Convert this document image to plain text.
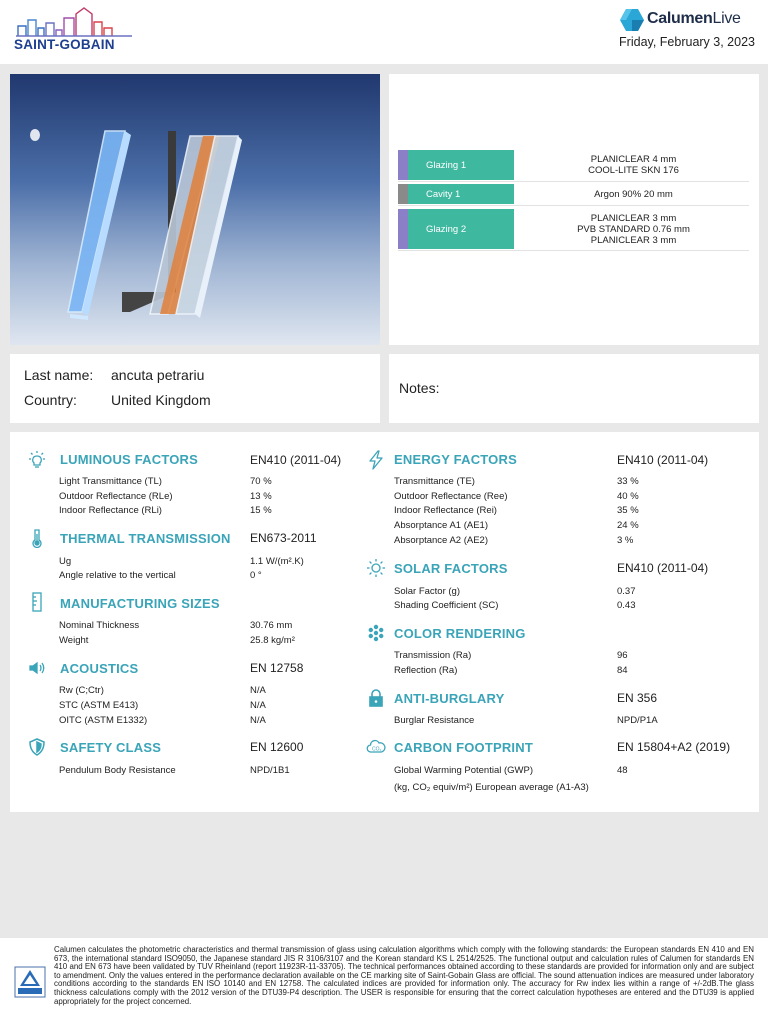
SAINT-GOBAIN
CalumenLive
Friday, February 3, 2023
Glazing 1	PLANICLEAR 4 mm
COOL-LITE SKN 176
Cavity 1	Argon 90% 20 mm
Glazing 2
PLANICLEAR 3 mm
PVB STANDARD 0.76 mm
PLANICLEAR 3 mm
Last name: ancuta petrariu
Country: United Kingdom
Notes:
LUMINOUS FACTORS	EN410 (2011-04)
Light Transmittance (TL)	70 %
Outdoor Reflectance (RLe)	13 %
Indoor Reflectance (RLi)	15 %
THERMAL TRANSMISSION EN673-2011
Ug	1.1 W/(m².K)
Angle relative to the vertical	0 °
MANUFACTURING SIZES
Nominal Thickness	30.76 mm
Weight	25.8 kg/m²
ACOUSTICS	EN 12758
Rw (C;Ctr)	N/A
STC (ASTM E413)	N/A
OITC (ASTM E1332)	N/A
SAFETY CLASS	EN 12600
Pendulum Body Resistance	NPD/1B1
ENERGY FACTORS	EN410 (2011-04)
Transmittance (TE)	33 %
Outdoor Reflectance (Ree)	40 %
Indoor Reflectance (Rei)	35 %
Absorptance A1 (AE1)	24 %
Absorptance A2 (AE2)	3 %
SOLAR FACTORS	EN410 (2011-04)
Solar Factor (g)	0.37
Shading Coefficient (SC)	0.43
COLOR RENDERING
Transmission (Ra)	96
Reflection (Ra)	84
ANTI-BURGLARY	EN 356
Burglar Resistance	NPD/P1A
CO₂ CARBON FOOTPRINT	EN 15804+A2 (2019)
Global Warming Potential (GWP)	48
(kg, CO₂ equiv/m²) European average (A1-A3)
Calumen calculates the photometric characteristics and thermal transmission of glass using calculation algorithms which comply with the following standards: the European standards EN 410 and EN 673, the international standard ISO9050, the Japanese standard JIS R 3106/3107 and the Korean standard KS L 2514/2525. The functional output and calculation rules of Calumen for standards EN 410 and EN 673 have been validated by TUV Rheinland (report 11923R-11-33705). The technical performances obtained according to these standards are provided for information only and are subject to amendment. Only the values entered in the performance declaration available on the CE marking site of Saint-Gobain Glass are official. The sound attenuation indices are measured under laboratory conditions according to the standards EN ISO 10140 and EN 12758. The calculated indices are provided for information only. The accuracy for Rw index lies within a range of +/-2dB.The glass thickness calculations comply with the 2012 version of the DTU39-P4 description. The USER is responsible for ensuring that the correct calculation hypotheses are entered and the DTU39 is applied appropriately for the project concerned.
